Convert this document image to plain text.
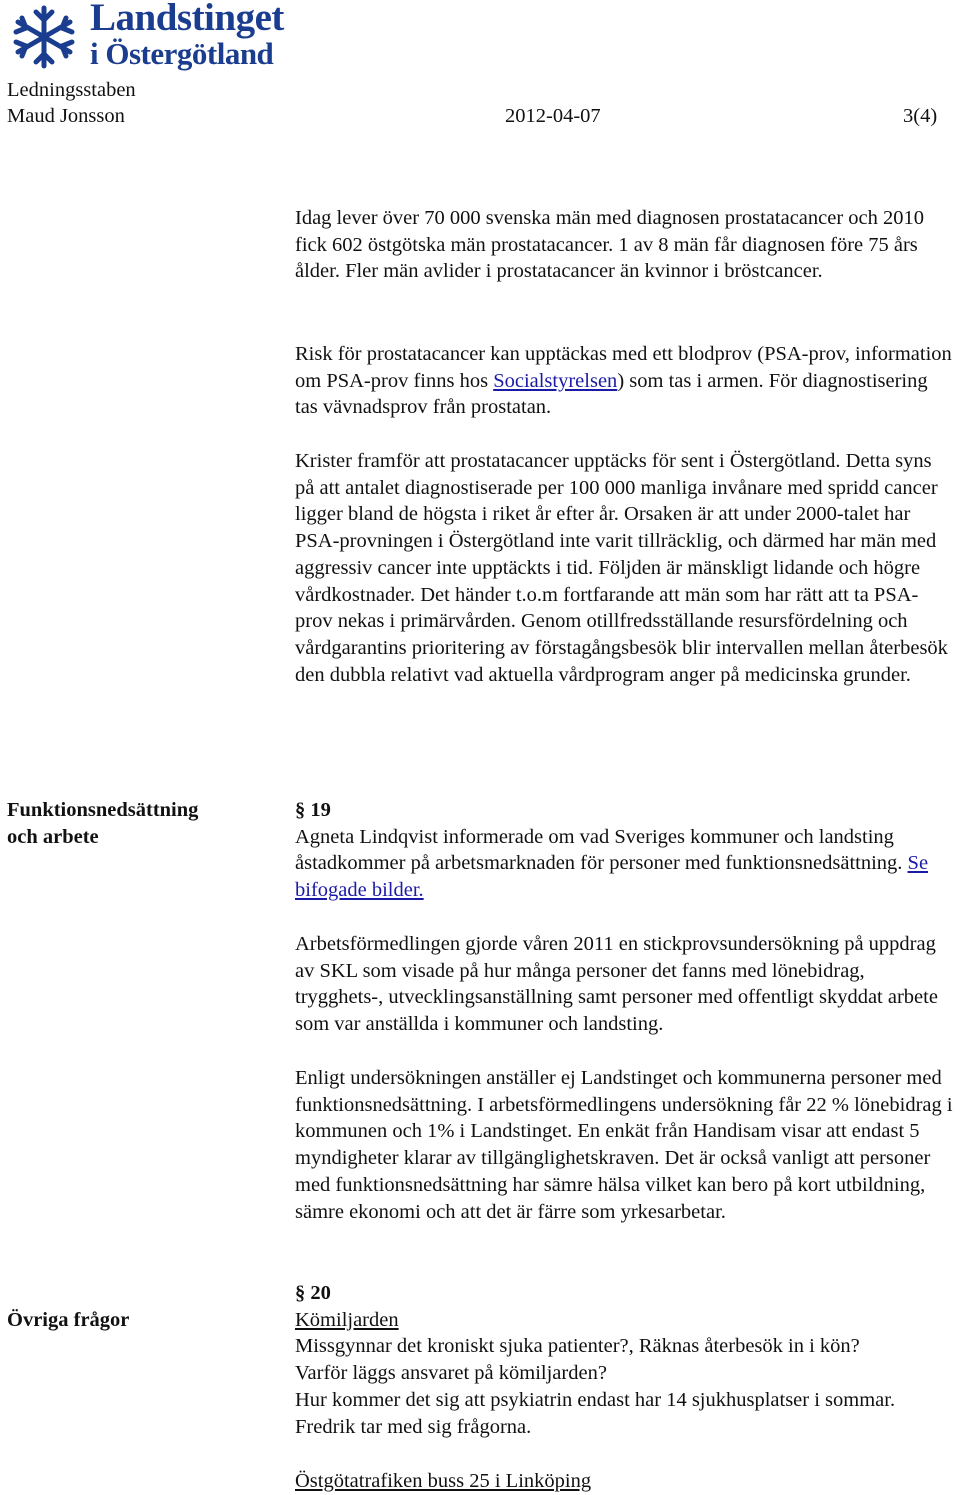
Landstinget
i Östergötland
Ledningsstaben
Maud Jonsson	2012-04-07	3(4)

Idag lever över 70 000 svenska män med diagnosen prostatacancer och 2010 fick 602 östgötska män prostatacancer. 1 av 8 män får diagnosen före 75 års ålder. Fler män avlider i prostatacancer än kvinnor i bröstcancer.

Risk för prostatacancer kan upptäckas med ett blodprov (PSA-prov, information om PSA-prov finns hos Socialstyrelsen) som tas i armen. För diagnostisering tas vävnadsprov från prostatan.

Krister framför att prostatacancer upptäcks för sent i Östergötland. Detta syns på att antalet diagnostiserade per 100 000 manliga invånare med spridd cancer ligger bland de högsta i riket år efter år. Orsaken är att under 2000-talet har PSA-provningen i Östergötland inte varit tillräcklig, och därmed har män med aggressiv cancer inte upptäckts i tid. Följden är mänskligt lidande och högre vårdkostnader. Det händer t.o.m fortfarande att män som har rätt att ta PSA-prov nekas i primärvården. Genom otillfredsställande resursfördelning och vårdgarantins prioritering av förstagångsbesök blir intervallen mellan återbesök den dubbla relativt vad aktuella vårdprogram anger på medicinska grunder.

Funktionsnedsättning
och arbete
§ 19

Agneta Lindqvist informerade om vad Sveriges kommuner och landsting åstadkommer på arbetsmarknaden för personer med funktionsnedsättning. Se bifogade bilder.

Arbetsförmedlingen gjorde våren 2011 en stickprovsundersökning på uppdrag av SKL som visade på hur många personer det fanns med lönebidrag, trygghets-, utvecklingsanställning samt personer med offentligt skyddat arbete som var anställda i kommuner och landsting.

Enligt undersökningen anställer ej Landstinget och kommunerna personer med funktionsnedsättning. I arbetsförmedlingens undersökning får 22 % lönebidrag i kommunen och 1% i Landstinget. En enkät från Handisam visar att endast 5 myndigheter klarar av tillgänglighetskraven. Det är också vanligt att personer med funktionsnedsättning har sämre hälsa vilket kan bero på kort utbildning, sämre ekonomi och att det är färre som yrkesarbetar.

Övriga frågor
§ 20
Kömiljarden
Missgynnar det kroniskt sjuka patienter?, Räknas återbesök in i kön?
Varför läggs ansvaret på kömiljarden?
Hur kommer det sig att psykiatrin endast har 14 sjukhusplatser i sommar. Fredrik tar med sig frågorna.
Östgötatrafiken buss 25 i Linköping
